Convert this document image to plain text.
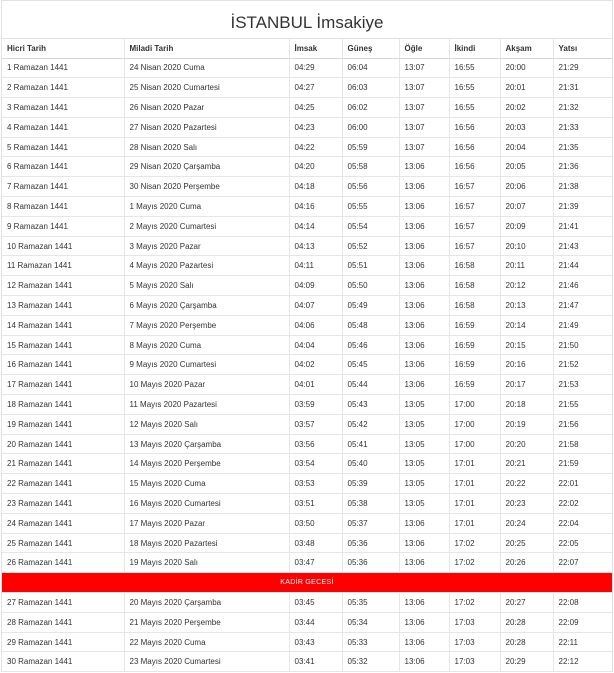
İSTANBUL İmsakiye
Hicri Tarih	Miladi Tarih	İmsak	Güneş	Öğle	İkindi	Akşam	Yatsı
1 Ramazan 1441	24 Nisan 2020 Cuma	04:29	06:04	13:07	16:55	20:00	21:29
2 Ramazan 1441	25 Nisan 2020 Cumartesi	04:27	06:03	13:07	16:55	20:01	21:31
3 Ramazan 1441	26 Nisan 2020 Pazar	04:25	06:02	13:07	16:55	20:02	21:32
4 Ramazan 1441	27 Nisan 2020 Pazartesi	04:23	06:00	13:07	16:56	20:03	21:33
5 Ramazan 1441	28 Nisan 2020 Salı	04:22	05:59	13:07	16:56	20:04	21:35
6 Ramazan 1441	29 Nisan 2020 Çarşamba	04:20	05:58	13:06	16:56	20:05	21:36
7 Ramazan 1441	30 Nisan 2020 Perşembe	04:18	05:56	13:06	16:57	20:06	21:38
8 Ramazan 1441	1 Mayıs 2020 Cuma	04:16	05:55	13:06	16:57	20:07	21:39
9 Ramazan 1441	2 Mayıs 2020 Cumartesi	04:14	05:54	13:06	16:57	20:09	21:41
10 Ramazan 1441	3 Mayıs 2020 Pazar	04:13	05:52	13:06	16:57	20:10	21:43
11 Ramazan 1441	4 Mayıs 2020 Pazartesi	04:11	05:51	13:06	16:58	20:11	21:44
12 Ramazan 1441	5 Mayıs 2020 Salı	04:09	05:50	13:06	16:58	20:12	21:46
13 Ramazan 1441	6 Mayıs 2020 Çarşamba	04:07	05:49	13:06	16:58	20:13	21:47
14 Ramazan 1441	7 Mayıs 2020 Perşembe	04:06	05:48	13:06	16:59	20:14	21:49
15 Ramazan 1441	8 Mayıs 2020 Cuma	04:04	05:46	13:06	16:59	20:15	21:50
16 Ramazan 1441	9 Mayıs 2020 Cumartesi	04:02	05:45	13:06	16:59	20:16	21:52
17 Ramazan 1441	10 Mayıs 2020 Pazar	04:01	05:44	13:06	16:59	20:17	21:53
18 Ramazan 1441	11 Mayıs 2020 Pazartesi	03:59	05:43	13:05	17:00	20:18	21:55
19 Ramazan 1441	12 Mayıs 2020 Salı	03:57	05:42	13:05	17:00	20:19	21:56
20 Ramazan 1441	13 Mayıs 2020 Çarşamba	03:56	05:41	13:05	17:00	20:20	21:58
21 Ramazan 1441	14 Mayıs 2020 Perşembe	03:54	05:40	13:05	17:01	20:21	21:59
22 Ramazan 1441	15 Mayıs 2020 Cuma	03:53	05:39	13:05	17:01	20:22	22:01
23 Ramazan 1441	16 Mayıs 2020 Cumartesi	03:51	05:38	13:05	17:01	20:23	22:02
24 Ramazan 1441	17 Mayıs 2020 Pazar	03:50	05:37	13:06	17:01	20:24	22:04
25 Ramazan 1441	18 Mayıs 2020 Pazartesi	03:48	05:36	13:06	17:02	20:25	22:05
26 Ramazan 1441	19 Mayıs 2020 Salı	03:47	05:36	13:06	17:02	20:26	22:07
KADİR GECESİ							
27 Ramazan 1441	20 Mayıs 2020 Çarşamba	03:45	05:35	13:06	17:02	20:27	22:08
28 Ramazan 1441	21 Mayıs 2020 Perşembe	03:44	05:34	13:06	17:03	20:28	22:09
29 Ramazan 1441	22 Mayıs 2020 Cuma	03:43	05:33	13:06	17:03	20:28	22:11
30 Ramazan 1441	23 Mayıs 2020 Cumartesi	03:41	05:32	13:06	17:03	20:29	22:12
